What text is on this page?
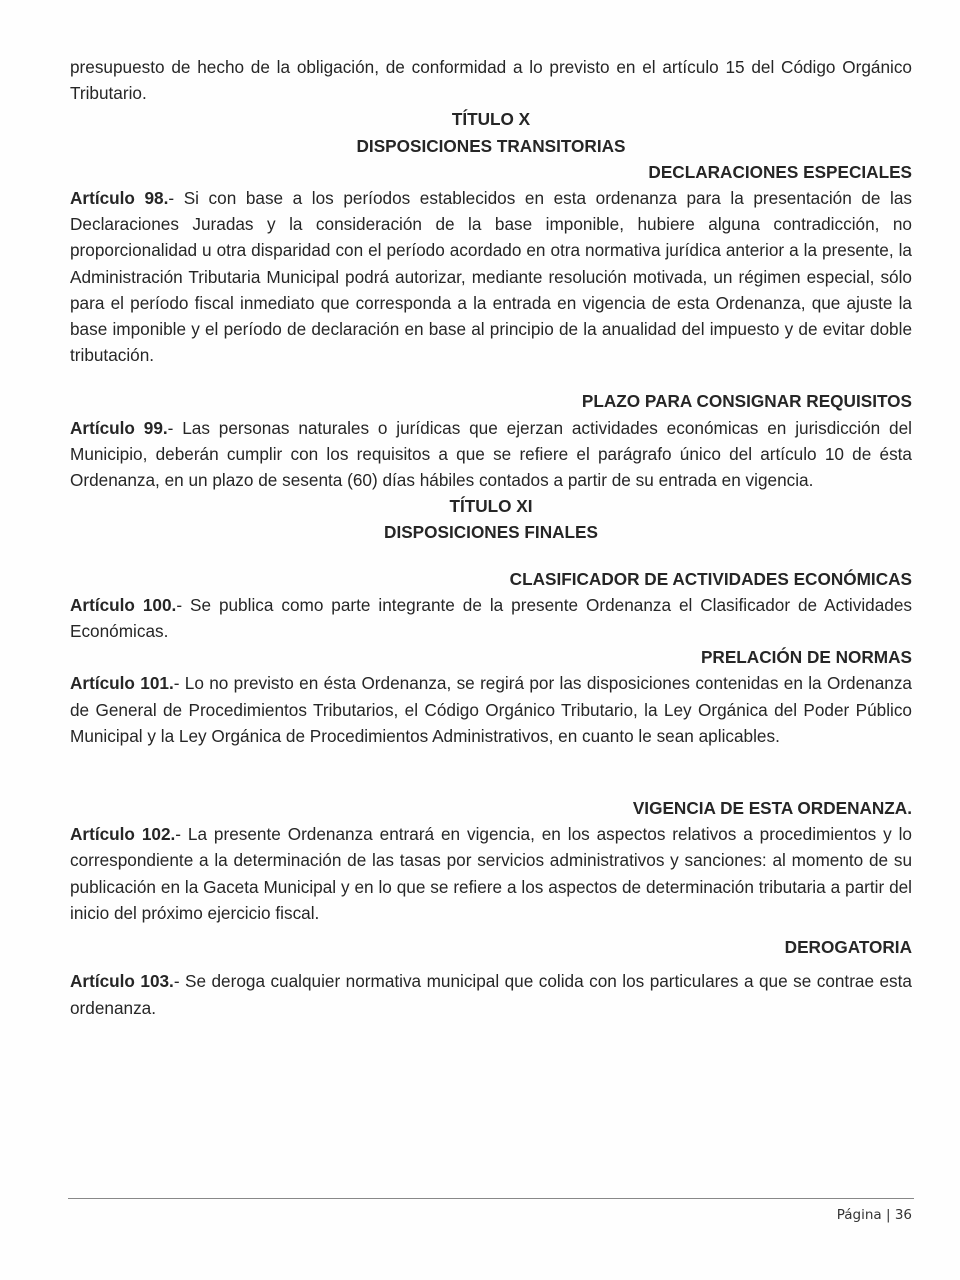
presupuesto de hecho de la obligación, de conformidad a lo previsto en el artículo 15 del Código Orgánico Tributario.

TÍTULO X

DISPOSICIONES TRANSITORIAS

DECLARACIONES ESPECIALES

Artículo 98.- Si con base a los períodos establecidos en esta ordenanza para la presentación de las Declaraciones Juradas y la consideración de la base imponible, hubiere alguna contradicción, no proporcionalidad u otra disparidad con el período acordado en otra normativa jurídica anterior a la presente, la Administración Tributaria Municipal podrá autorizar, mediante resolución motivada, un régimen especial, sólo para el período fiscal inmediato que corresponda a la entrada en vigencia de esta Ordenanza, que ajuste la base imponible y el período de declaración en base al principio de la anualidad del impuesto y de evitar doble tributación.

PLAZO PARA CONSIGNAR REQUISITOS

Artículo 99.- Las personas naturales o jurídicas que ejerzan actividades económicas en jurisdicción del Municipio, deberán cumplir con los requisitos a que se refiere el parágrafo único del artículo 10 de ésta Ordenanza, en un plazo de sesenta (60) días hábiles contados a partir de su entrada en vigencia.

TÍTULO XI

DISPOSICIONES FINALES

CLASIFICADOR DE ACTIVIDADES ECONÓMICAS

Artículo 100.- Se publica como parte integrante de la presente Ordenanza el Clasificador de Actividades Económicas.

PRELACIÓN DE NORMAS

Artículo 101.- Lo no previsto en ésta Ordenanza, se regirá por las disposiciones contenidas en la Ordenanza de General de Procedimientos Tributarios, el Código Orgánico Tributario, la Ley Orgánica del Poder Público Municipal y la Ley Orgánica de Procedimientos Administrativos, en cuanto le sean aplicables.

VIGENCIA DE ESTA ORDENANZA.

Artículo 102.- La presente Ordenanza entrará en vigencia, en los aspectos relativos a procedimientos y lo correspondiente a la determinación de las tasas por servicios administrativos y sanciones: al momento de su publicación en la Gaceta Municipal y en lo que se refiere a los aspectos de determinación tributaria a partir del inicio del próximo ejercicio fiscal.

DEROGATORIA

Artículo 103.- Se deroga cualquier normativa municipal que colida con los particulares a que se contrae esta ordenanza.

Página | 36
